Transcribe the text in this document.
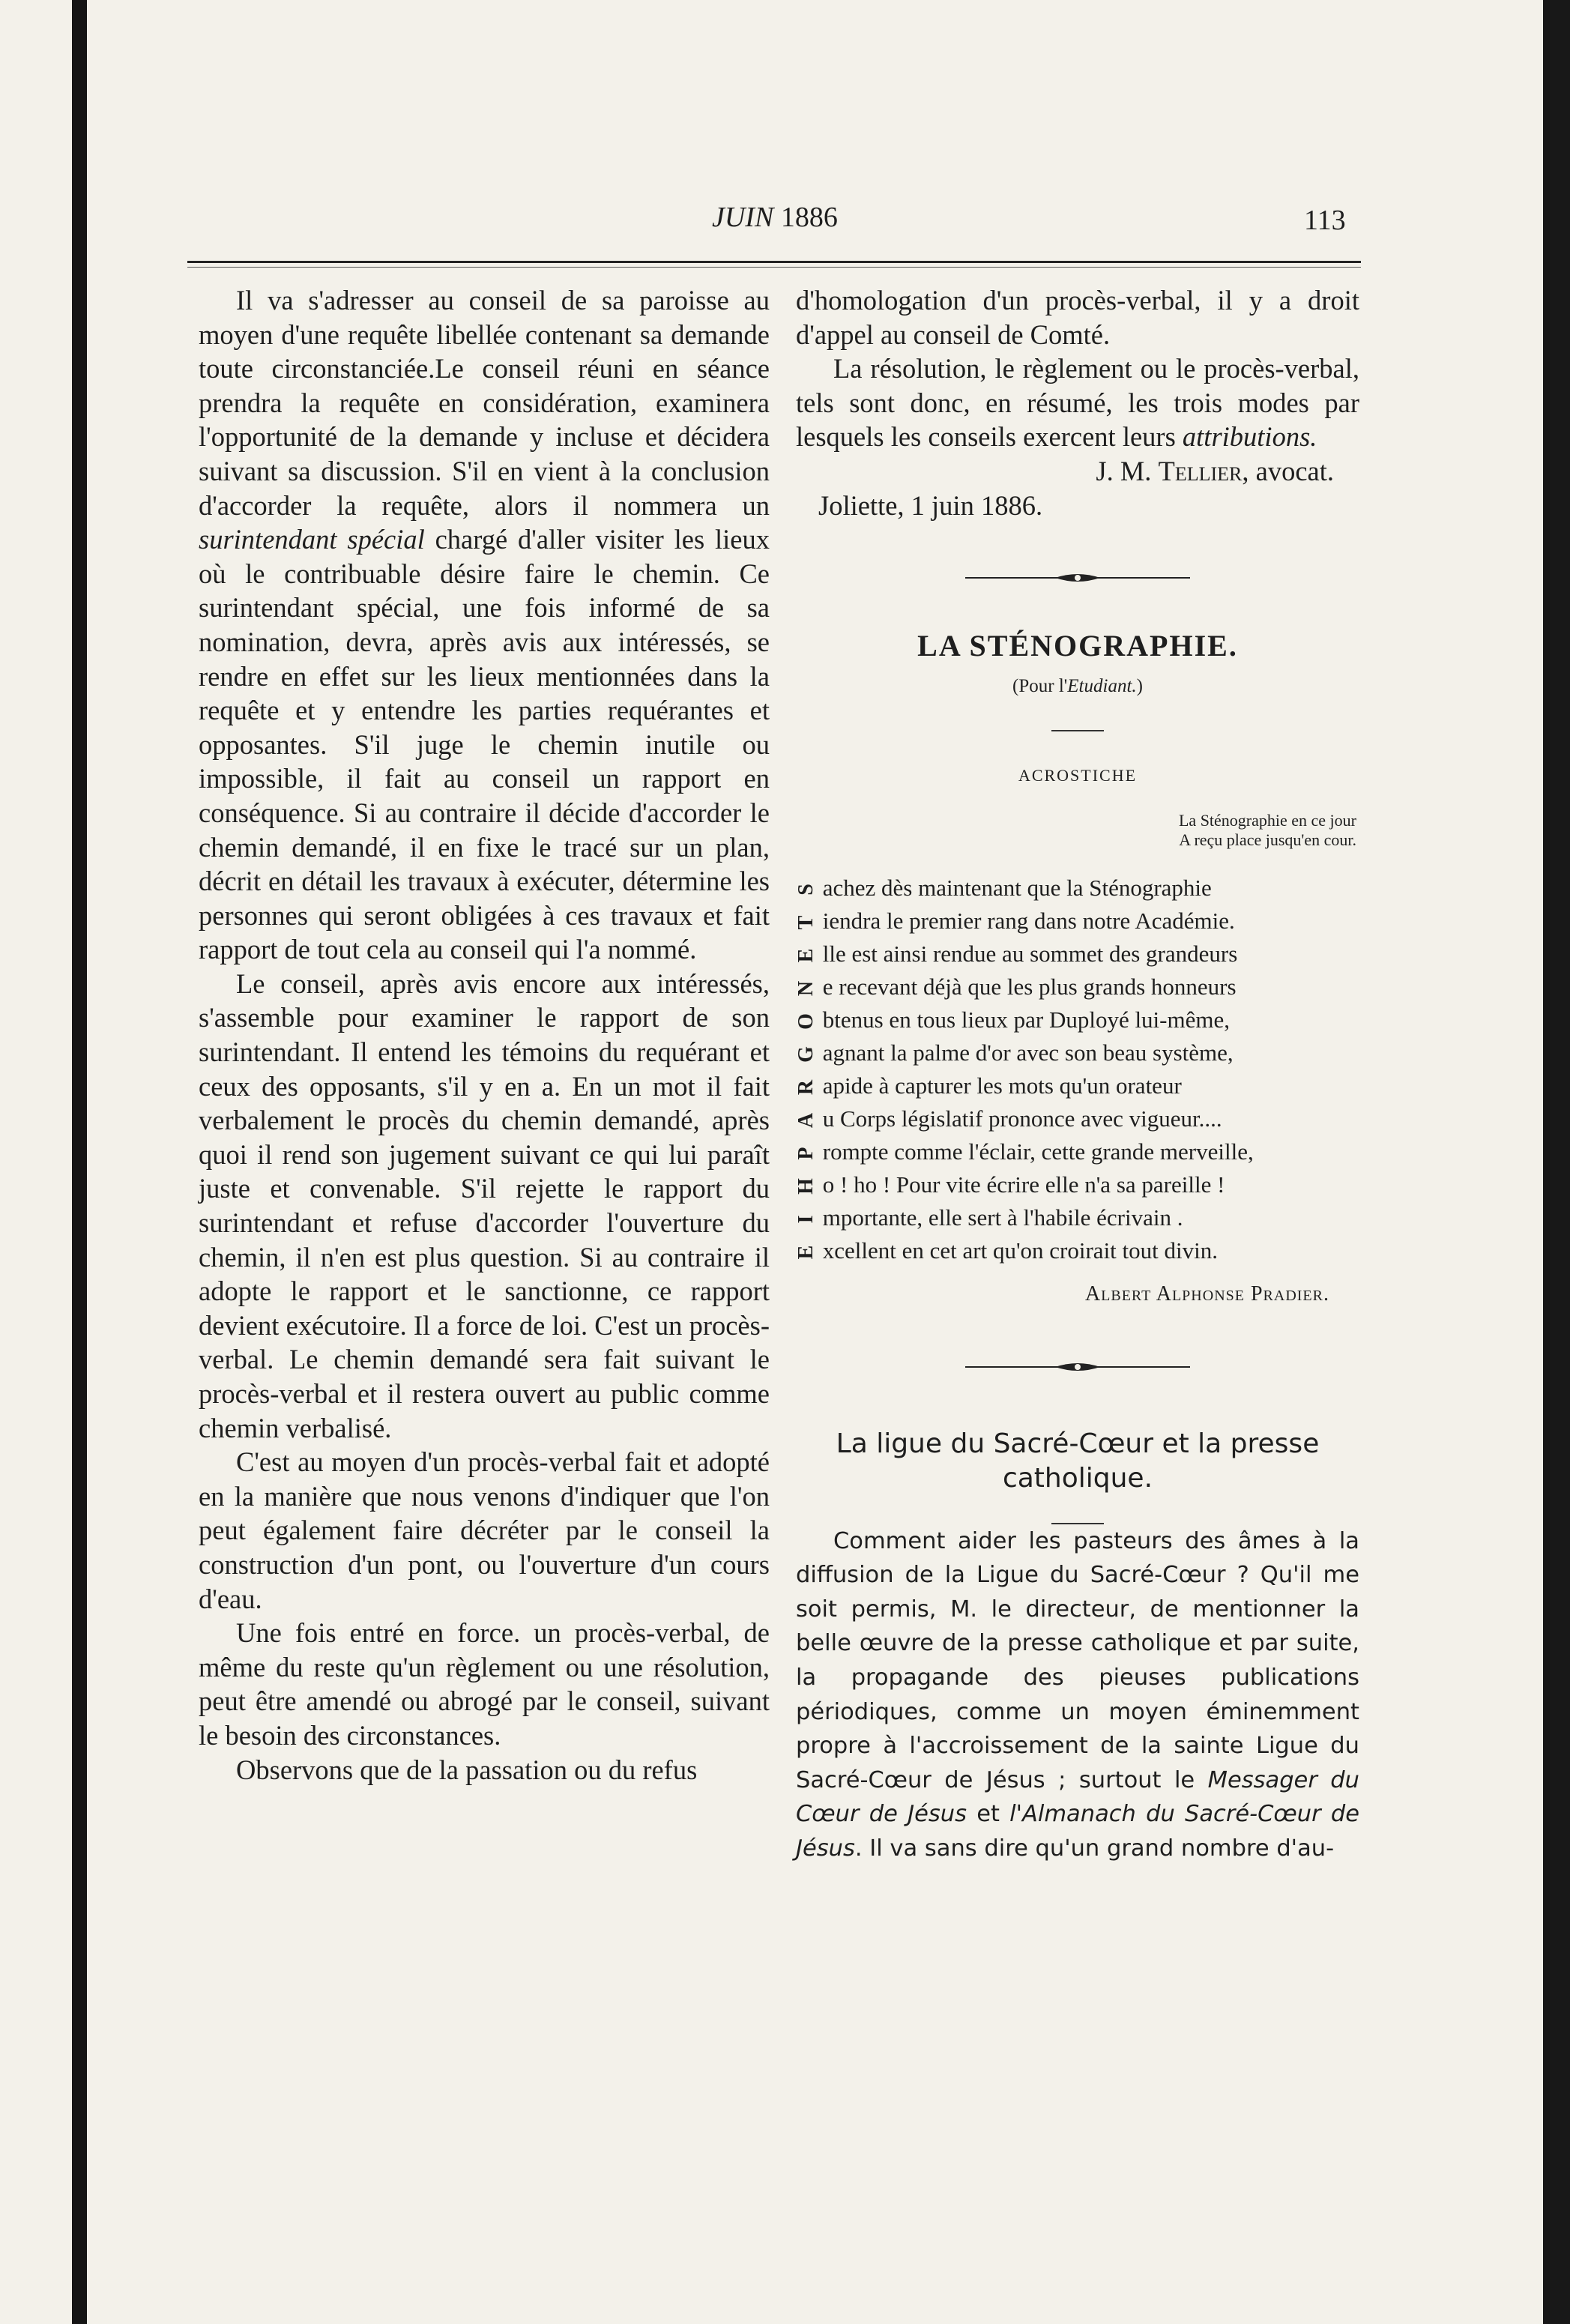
JUIN 1886	113

Il va s'adresser au conseil de sa paroisse au moyen d'une requête libellée contenant sa demande toute circonstanciée.Le conseil réuni en séance prendra la requête en considération, examinera l'opportunité de la demande y incluse et décidera suivant sa discussion. S'il en vient à la conclusion d'accorder la requête, alors il nommera un surintendant spécial chargé d'aller visiter les lieux où le contribuable désire faire le chemin. Ce surintendant spécial, une fois informé de sa nomination, devra, après avis aux intéressés, se rendre en effet sur les lieux mentionnées dans la requête et y entendre les parties requérantes et opposantes. S'il juge le chemin inutile ou impossible, il fait au conseil un rapport en conséquence. Si au contraire il décide d'accorder le chemin demandé, il en fixe le tracé sur un plan, décrit en détail les travaux à exécuter, détermine les personnes qui seront obligées à ces travaux et fait rapport de tout cela au conseil qui l'a nommé.

Le conseil, après avis encore aux intéressés, s'assemble pour examiner le rapport de son surintendant. Il entend les témoins du requérant et ceux des opposants, s'il y en a. En un mot il fait verbalement le procès du chemin demandé, après quoi il rend son jugement suivant ce qui lui paraît juste et convenable. S'il rejette le rapport du surintendant et refuse d'accorder l'ouverture du chemin, il n'en est plus question. Si au contraire il adopte le rapport et le sanctionne, ce rapport devient exécutoire. Il a force de loi. C'est un procès-verbal. Le chemin demandé sera fait suivant le procès-verbal et il restera ouvert au public comme chemin verbalisé.

C'est au moyen d'un procès-verbal fait et adopté en la manière que nous venons d'indiquer que l'on peut également faire décréter par le conseil la construction d'un pont, ou l'ouverture d'un cours d'eau.

Une fois entré en force. un procès-verbal, de même du reste qu'un règlement ou une résolution, peut être amendé ou abrogé par le conseil, suivant le besoin des circonstances.

Observons que de la passation ou du refus

d'homologation d'un procès-verbal, il y a droit d'appel au conseil de Comté.

La résolution, le règlement ou le procès-verbal, tels sont donc, en résumé, les trois modes par lesquels les conseils exercent leurs attributions.

J. M. Tellier, avocat.

Joliette, 1 juin 1886.

LA STÉNOGRAPHIE.
(Pour l'Etudiant.)
ACROSTICHE
La Sténographie en ce jour
A reçu place jusqu'en cour.
S achez dès maintenant que la Sténographie
T iendra le premier rang dans notre Académie.
E lle est ainsi rendue au sommet des grandeurs
N e recevant déjà que les plus grands honneurs
O btenus en tous lieux par Duployé lui-même,
G agnant la palme d'or avec son beau système,
R apide à capturer les mots qu'un orateur
A u Corps législatif prononce avec vigueur....
P rompte comme l'éclair, cette grande merveille,
H o ! ho ! Pour vite écrire elle n'a sa pareille !
I mportante, elle sert à l'habile écrivain .
E xcellent en cet art qu'on croirait tout divin.
Albert Alphonse Pradier.
La ligue du Sacré-Cœur et la presse
catholique.

Comment aider les pasteurs des âmes à la diffusion de la Ligue du Sacré-Cœur ? Qu'il me soit permis, M. le directeur, de mentionner la belle œuvre de la presse catholique et par suite, la propagande des pieuses publications périodiques, comme un moyen éminemment propre à l'accroissement de la sainte Ligue du Sacré-Cœur de Jésus ; surtout le Messager du Cœur de Jésus et l'Almanach du Sacré-Cœur de Jésus. Il va sans dire qu'un grand nombre d'au-
